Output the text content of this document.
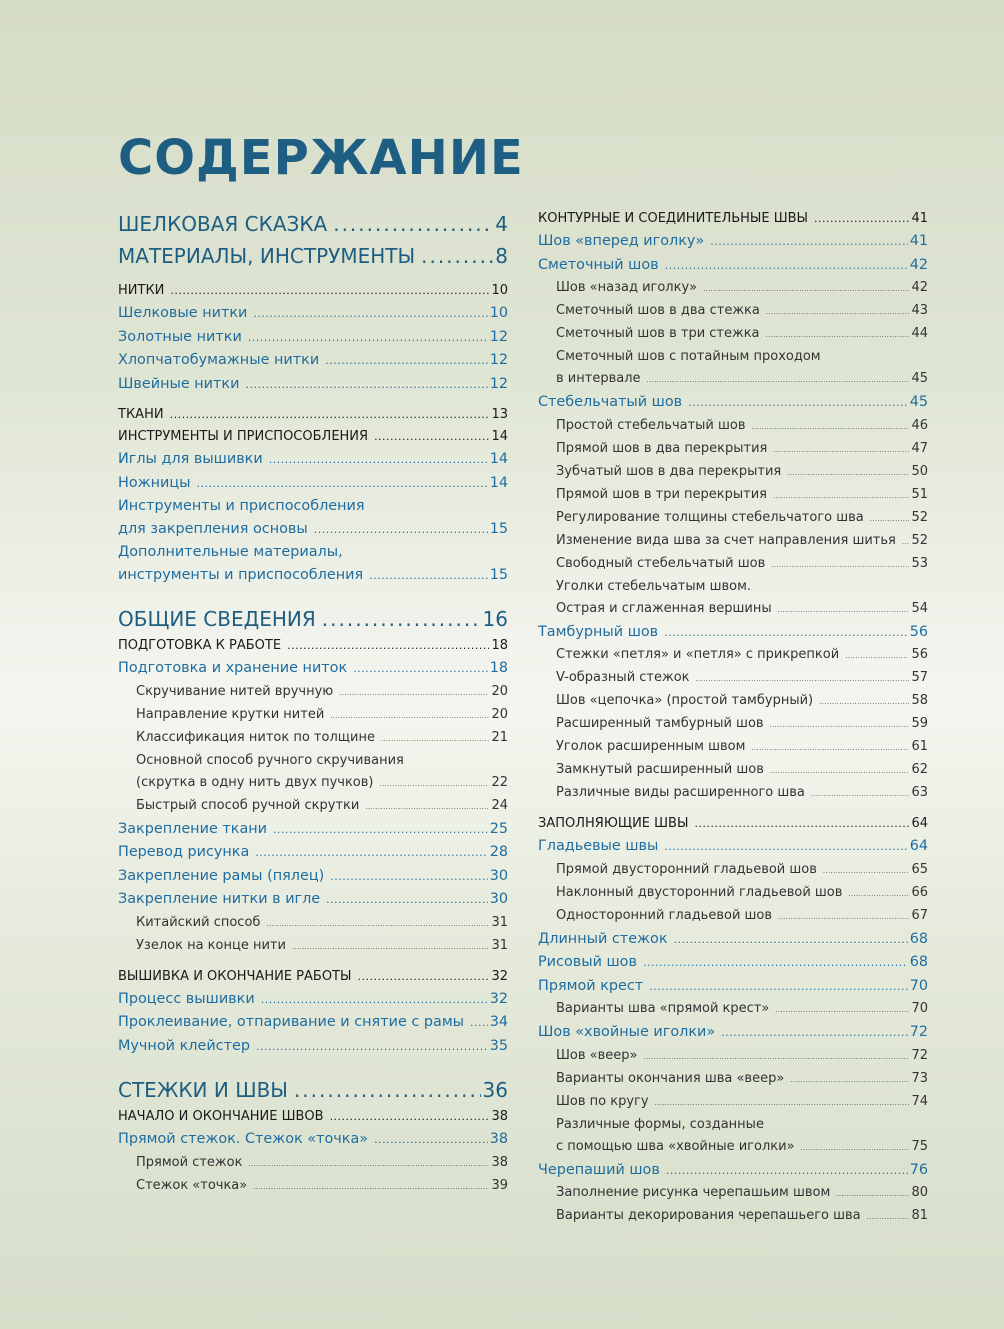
СОДЕРЖАНИЕ
ШЕЛКОВАЯ СКАЗКА .....	4
МАТЕРИАЛЫ, ИНСТРУМЕНТЫ .....	8
НИТКИ .....	10
Шелковые нитки .....	10
Золотные нитки .....	12
Хлопчатобумажные нитки .....	12
Швейные нитки .....	12
ТКАНИ .....	13
ИНСТРУМЕНТЫ И ПРИСПОСОБЛЕНИЯ .....	14
Иглы для вышивки .....	14
Ножницы .....	14
Инструменты и приспособления
для закрепления основы .....	15
Дополнительные материалы,
инструменты и приспособления .....	15
ОБЩИЕ СВЕДЕНИЯ .....	16
ПОДГОТОВКА К РАБОТЕ .....	18
Подготовка и хранение ниток .....	18
Скручивание нитей вручную .....	20
Направление крутки нитей .....	20
Классификация ниток по толщине .....	21
Основной способ ручного скручивания
(скрутка в одну нить двух пучков) .....	22
Быстрый способ ручной скрутки .....	24
Закрепление ткани .....	25
Перевод рисунка .....	28
Закрепление рамы (пялец) .....	30
Закрепление нитки в игле .....	30
Китайский способ .....	31
Узелок на конце нити .....	31
ВЫШИВКА И ОКОНЧАНИЕ РАБОТЫ .....	32
Процесс вышивки .....	32
Проклеивание, отпаривание и снятие с рамы ..... 34
Мучной клейстер .....	35
СТЕЖКИ И ШВЫ .....	36
НАЧАЛО И ОКОНЧАНИЕ ШВОВ .....	38
Прямой стежок. Стежок «точка» .....	38
Прямой стежок .....	38
Стежок «точка» .....	39
КОНТУРНЫЕ И СОЕДИНИТЕЛЬНЫЕ ШВЫ .....	41
Шов «вперед иголку» .....	41
Сметочный шов .....	42
Шов «назад иголку» .....	42
Сметочный шов в два стежка .....	43
Сметочный шов в три стежка .....	44
Сметочный шов с потайным проходом
в интервале .....	45
Стебельчатый шов .....	45
Простой стебельчатый шов .....	46
Прямой шов в два перекрытия .....	47
Зубчатый шов в два перекрытия .....	50
Прямой шов в три перекрытия .....	51
Регулирование толщины стебельчатого шва .....	52
Изменение вида шва за счет направления шитья ..... 52
Свободный стебельчатый шов .....	53
Уголки стебельчатым швом.
Острая и сглаженная вершины .....	54
Тамбурный шов .....	56
Стежки «петля» и «петля» с прикрепкой .....	56
V-образный стежок .....	57
Шов «цепочка» (простой тамбурный) .....	58
Расширенный тамбурный шов .....	59
Уголок расширенным швом .....	61
Замкнутый расширенный шов .....	62
Различные виды расширенного шва .....	63
ЗАПОЛНЯЮЩИЕ ШВЫ .....	64
Гладьевые швы .....	64
Прямой двусторонний гладьевой шов .....	65
Наклонный двусторонний гладьевой шов .....	66
Односторонний гладьевой шов .....	67
Длинный стежок .....	68
Рисовый шов .....	68
Прямой крест .....	70
Варианты шва «прямой крест» .....	70
Шов «хвойные иголки» .....	72
Шов «веер» .....	72
Варианты окончания шва «веер» .....	73
Шов по кругу .....	74
Различные формы, созданные
с помощью шва «хвойные иголки» .....	75
Черепаший шов .....	76
Заполнение рисунка черепашьим швом .....	80
Варианты декорирования черепашьего шва .....	81
